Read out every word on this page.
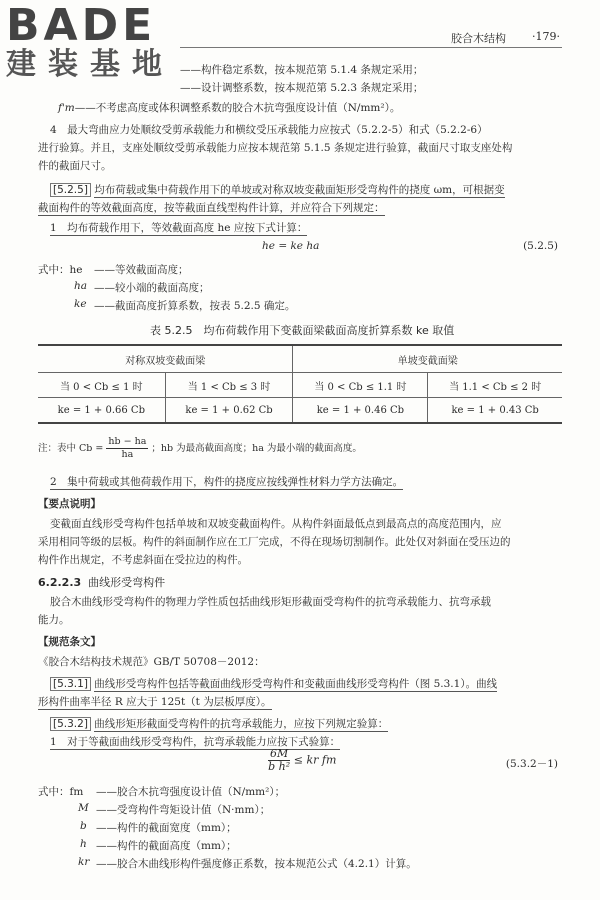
BADE
建装基地
胶合木结构 ·179·
——构件稳定系数，按本规范第 5.1.4 条规定采用；
——设计调整系数，按本规范第 5.2.3 条规定采用；
f'm——不考虑高度或体积调整系数的胶合木抗弯强度设计值（N/mm²）。
4　最大弯曲应力处顺纹受剪承载能力和横纹受压承载能力应按式（5.2.2-5）和式（5.2.2-6）
进行验算。并且，支座处顺纹受剪承载能力应按本规范第 5.1.5 条规定进行验算，截面尺寸取支座处构
件的截面尺寸。
[5.2.5] 均布荷载或集中荷载作用下的单坡或对称双坡变截面矩形受弯构件的挠度 ωm，可根据变
截面构件的等效截面高度，按等截面直线型构件计算，并应符合下列规定：
1　均布荷载作用下，等效截面高度 he 应按下式计算：
he = ke ha	(5.2.5)
式中：he ——等效截面高度；
ha ——较小端的截面高度；
ke ——截面高度折算系数，按表 5.2.5 确定。
表 5.2.5　均布荷载作用下变截面梁截面高度折算系数 ke 取值
对称双坡变截面梁		单坡变截面梁	
当 0 < Cb ≤ 1 时	当 1 < Cb ≤ 3 时	当 0 < Cb ≤ 1.1 时	当 1.1 < Cb ≤ 2 时
ke = 1 + 0.66 Cb	ke = 1 + 0.62 Cb	ke = 1 + 0.46 Cb	ke = 1 + 0.43 Cb
注：表中 $Cb = \frac{hb - ha}{ha}$ ；hb 为最高截面高度；ha 为最小端的截面高度。
2　集中荷载或其他荷载作用下，构件的挠度应按线弹性材料力学方法确定。
【要点说明】
变截面直线形受弯构件包括单坡和双坡变截面构件。从构件斜面最低点到最高点的高度范围内，应
采用相同等级的层板。构件的斜面制作应在工厂完成，不得在现场切割制作。此处仅对斜面在受压边的
构件作出规定，不考虑斜面在受拉边的构件。
6.2.2.3 曲线形受弯构件
胶合木曲线形受弯构件的物理力学性质包括曲线形矩形截面受弯构件的抗弯承载能力、抗弯承载
能力。
【规范条文】
《胶合木结构技术规范》GB/T 50708－2012：
[5.3.1] 曲线形受弯构件包括等截面曲线形受弯构件和变截面曲线形受弯构件（图 5.3.1）。曲线
形构件曲率半径 R 应大于 125t（t 为层板厚度）。
[5.3.2] 曲线形矩形截面受弯构件的抗弯承载能力，应按下列规定验算：
1　对于等截面曲线形受弯构件，抗弯承载能力应按下式验算：
$\frac{6M}{\text{b h²}}$ ≤ kr fm	(5.3.2－1)
式中：fm ——胶合木抗弯强度设计值（N/mm²）；
M ——受弯构件弯矩设计值（N·mm）；
b ——构件的截面宽度（mm）；
h ——构件的截面高度（mm）；
kr ——胶合木曲线形构件强度修正系数，按本规范公式（4.2.1）计算。
